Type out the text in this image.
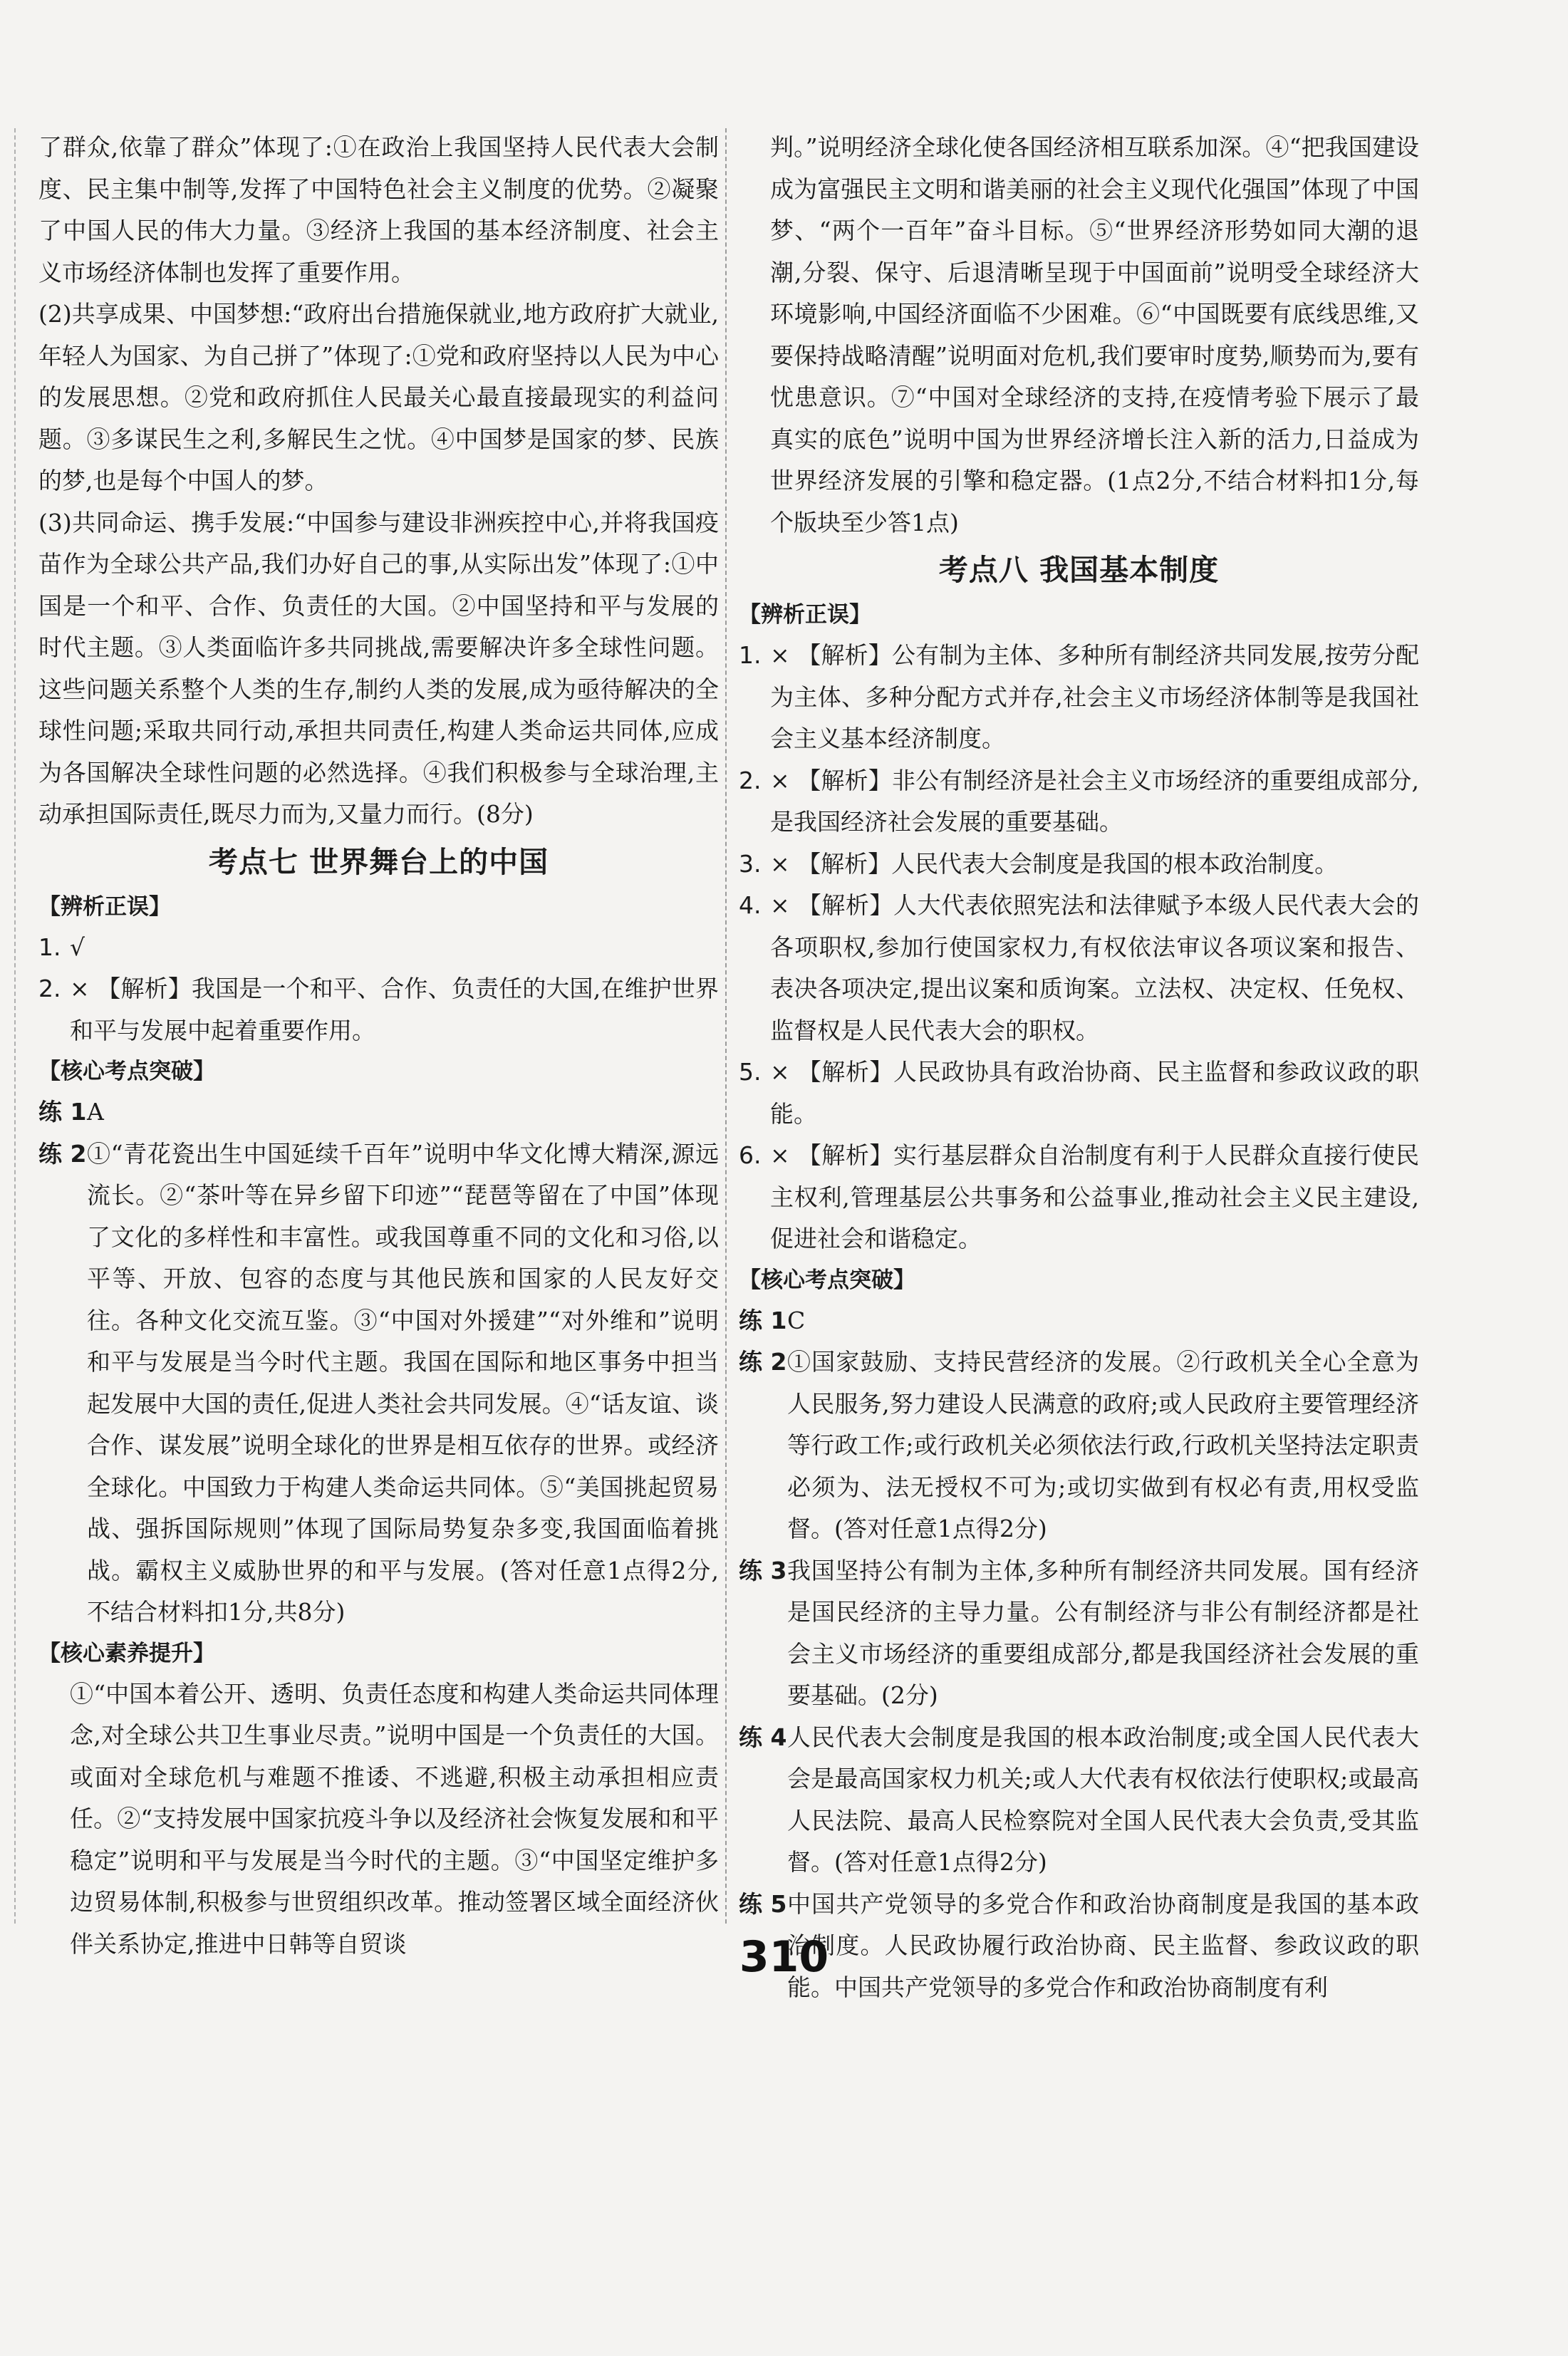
了群众,依靠了群众”体现了:①在政治上我国坚持人民代表大会制度、民主集中制等,发挥了中国特色社会主义制度的优势。②凝聚了中国人民的伟大力量。③经济上我国的基本经济制度、社会主义市场经济体制也发挥了重要作用。

(2)共享成果、中国梦想:“政府出台措施保就业,地方政府扩大就业,年轻人为国家、为自己拼了”体现了:①党和政府坚持以人民为中心的发展思想。②党和政府抓住人民最关心最直接最现实的利益问题。③多谋民生之利,多解民生之忧。④中国梦是国家的梦、民族的梦,也是每个中国人的梦。

(3)共同命运、携手发展:“中国参与建设非洲疾控中心,并将我国疫苗作为全球公共产品,我们办好自己的事,从实际出发”体现了:①中国是一个和平、合作、负责任的大国。②中国坚持和平与发展的时代主题。③人类面临许多共同挑战,需要解决许多全球性问题。这些问题关系整个人类的生存,制约人类的发展,成为亟待解决的全球性问题;采取共同行动,承担共同责任,构建人类命运共同体,应成为各国解决全球性问题的必然选择。④我们积极参与全球治理,主动承担国际责任,既尽力而为,又量力而行。(8分)

考点七 世界舞台上的中国
【辨析正误】
1. √
2. × 【解析】我国是一个和平、合作、负责任的大国,在维护世界和平与发展中起着重要作用。
【核心考点突破】
练 1 A
练 2 ①“青花瓷出生中国延续千百年”说明中华文化博大精深,源远流长。②“茶叶等在异乡留下印迹”“琵琶等留在了中国”体现了文化的多样性和丰富性。或我国尊重不同的文化和习俗,以平等、开放、包容的态度与其他民族和国家的人民友好交往。各种文化交流互鉴。③“中国对外援建”“对外维和”说明和平与发展是当今时代主题。我国在国际和地区事务中担当起发展中大国的责任,促进人类社会共同发展。④“话友谊、谈合作、谋发展”说明全球化的世界是相互依存的世界。或经济全球化。中国致力于构建人类命运共同体。⑤“美国挑起贸易战、强拆国际规则”体现了国际局势复杂多变,我国面临着挑战。霸权主义威胁世界的和平与发展。(答对任意1点得2分,不结合材料扣1分,共8分)
【核心素养提升】

①“中国本着公开、透明、负责任态度和构建人类命运共同体理念,对全球公共卫生事业尽责。”说明中国是一个负责任的大国。或面对全球危机与难题不推诿、不逃避,积极主动承担相应责任。②“支持发展中国家抗疫斗争以及经济社会恢复发展和和平稳定”说明和平与发展是当今时代的主题。③“中国坚定维护多边贸易体制,积极参与世贸组织改革。推动签署区域全面经济伙伴关系协定,推进中日韩等自贸谈

判。”说明经济全球化使各国经济相互联系加深。④“把我国建设成为富强民主文明和谐美丽的社会主义现代化强国”体现了中国梦、“两个一百年”奋斗目标。⑤“世界经济形势如同大潮的退潮,分裂、保守、后退清晰呈现于中国面前”说明受全球经济大环境影响,中国经济面临不少困难。⑥“中国既要有底线思维,又要保持战略清醒”说明面对危机,我们要审时度势,顺势而为,要有忧患意识。⑦“中国对全球经济的支持,在疫情考验下展示了最真实的底色”说明中国为世界经济增长注入新的活力,日益成为世界经济发展的引擎和稳定器。(1点2分,不结合材料扣1分,每个版块至少答1点)

考点八 我国基本制度
【辨析正误】
1. × 【解析】公有制为主体、多种所有制经济共同发展,按劳分配为主体、多种分配方式并存,社会主义市场经济体制等是我国社会主义基本经济制度。
2. × 【解析】非公有制经济是社会主义市场经济的重要组成部分,是我国经济社会发展的重要基础。
3. × 【解析】人民代表大会制度是我国的根本政治制度。
4. × 【解析】人大代表依照宪法和法律赋予本级人民代表大会的各项职权,参加行使国家权力,有权依法审议各项议案和报告、表决各项决定,提出议案和质询案。立法权、决定权、任免权、监督权是人民代表大会的职权。
5. × 【解析】人民政协具有政治协商、民主监督和参政议政的职能。
6. × 【解析】实行基层群众自治制度有利于人民群众直接行使民主权利,管理基层公共事务和公益事业,推动社会主义民主建设,促进社会和谐稳定。
【核心考点突破】
练 1 C
练 2 ①国家鼓励、支持民营经济的发展。②行政机关全心全意为人民服务,努力建设人民满意的政府;或人民政府主要管理经济等行政工作;或行政机关必须依法行政,行政机关坚持法定职责必须为、法无授权不可为;或切实做到有权必有责,用权受监督。(答对任意1点得2分)
练 3 我国坚持公有制为主体,多种所有制经济共同发展。国有经济是国民经济的主导力量。公有制经济与非公有制经济都是社会主义市场经济的重要组成部分,都是我国经济社会发展的重要基础。(2分)
练 4 人民代表大会制度是我国的根本政治制度;或全国人民代表大会是最高国家权力机关;或人大代表有权依法行使职权;或最高人民法院、最高人民检察院对全国人民代表大会负责,受其监督。(答对任意1点得2分)
练 5 中国共产党领导的多党合作和政治协商制度是我国的基本政治制度。人民政协履行政治协商、民主监督、参政议政的职能。中国共产党领导的多党合作和政治协商制度有利
310
